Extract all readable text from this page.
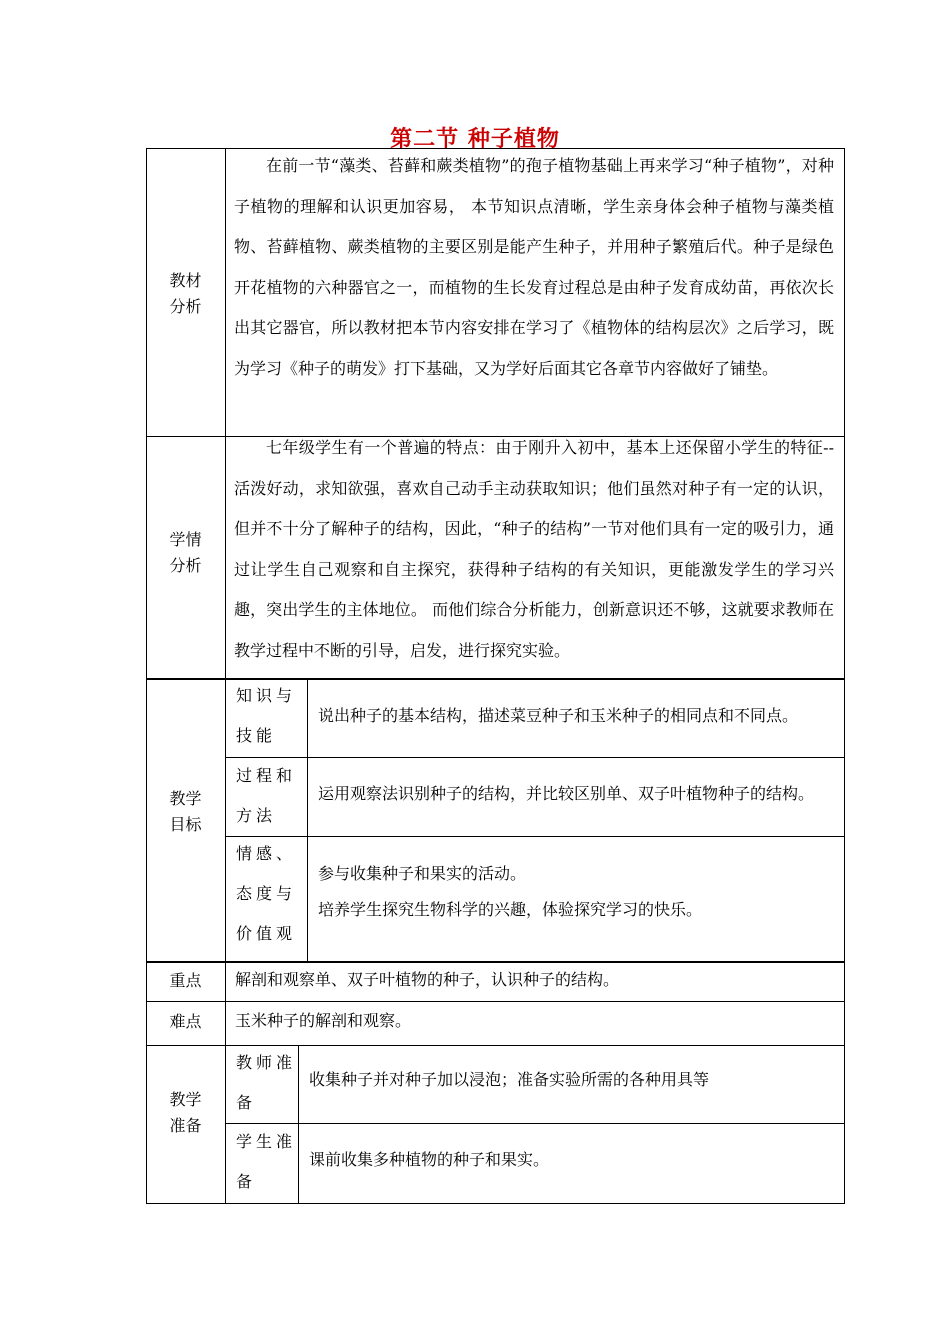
第二节 种子植物
教材
分析
在前一节“藻类、苔藓和蕨类植物”的孢子植物基础上再来学习“种子植物”，对种子植物的理解和认识更加容易， 本节知识点清晰，学生亲身体会种子植物与藻类植物、苔藓植物、蕨类植物的主要区别是能产生种子，并用种子繁殖后代。种子是绿色开花植物的六种器官之一，而植物的生长发育过程总是由种子发育成幼苗，再依次长出其它器官，所以教材把本节内容安排在学习了《植物体的结构层次》之后学习，既为学习《种子的萌发》打下基础，又为学好后面其它各章节内容做好了铺垫。
学情
分析
七年级学生有一个普遍的特点：由于刚升入初中，基本上还保留小学生的特征--活泼好动，求知欲强，喜欢自己动手主动获取知识；他们虽然对种子有一定的认识，但并不十分了解种子的结构，因此，“种子的结构”一节对他们具有一定的吸引力，通过让学生自己观察和自主探究，获得种子结构的有关知识，更能激发学生的学习兴趣，突出学生的主体地位。 而他们综合分析能力，创新意识还不够，这就要求教师在教学过程中不断的引导，启发，进行探究实验。
教学
目标
知识与
技能
说出种子的基本结构，描述菜豆种子和玉米种子的相同点和不同点。
过程和
方法
运用观察法识别种子的结构，并比较区别单、双子叶植物种子的结构。
情感、
态度与
价值观
参与收集种子和果实的活动。
培养学生探究生物科学的兴趣，体验探究学习的快乐。
重点	解剖和观察单、双子叶植物的种子，认识种子的结构。
难点	玉米种子的解剖和观察。
教学
准备
教师准
备
收集种子并对种子加以浸泡；准备实验所需的各种用具等
学生准
备
课前收集多种植物的种子和果实。
